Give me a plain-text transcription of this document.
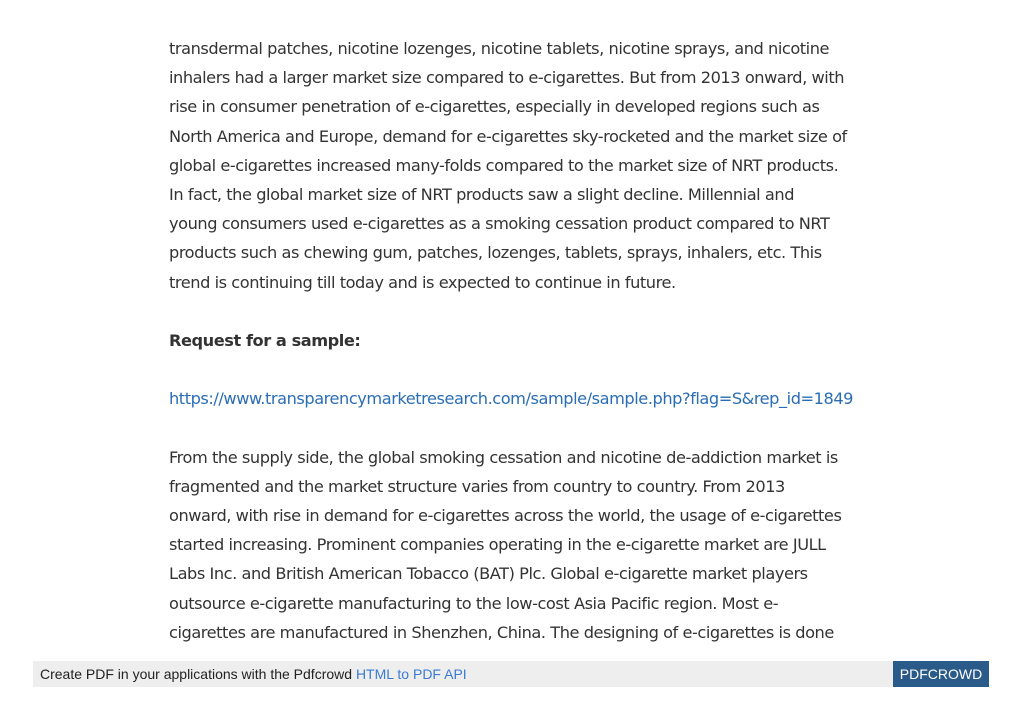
transdermal patches, nicotine lozenges, nicotine tablets, nicotine sprays, and nicotine
inhalers had a larger market size compared to e-cigarettes. But from 2013 onward, with
rise in consumer penetration of e-cigarettes, especially in developed regions such as
North America and Europe, demand for e-cigarettes sky-rocketed and the market size of
global e-cigarettes increased many-folds compared to the market size of NRT products.
In fact, the global market size of NRT products saw a slight decline. Millennial and
young consumers used e-cigarettes as a smoking cessation product compared to NRT
products such as chewing gum, patches, lozenges, tablets, sprays, inhalers, etc. This
trend is continuing till today and is expected to continue in future.
Request for a sample:
https://www.transparencymarketresearch.com/sample/sample.php?flag=S&rep_id=1849
From the supply side, the global smoking cessation and nicotine de-addiction market is
fragmented and the market structure varies from country to country. From 2013
onward, with rise in demand for e-cigarettes across the world, the usage of e-cigarettes
started increasing. Prominent companies operating in the e-cigarette market are JULL
Labs Inc. and British American Tobacco (BAT) Plc. Global e-cigarette market players
outsource e-cigarette manufacturing to the low-cost Asia Pacific region. Most e-
cigarettes are manufactured in Shenzhen, China. The designing of e-cigarettes is done
Create PDF in your applications with the Pdfcrowd HTML to PDF API	PDFCROWD
